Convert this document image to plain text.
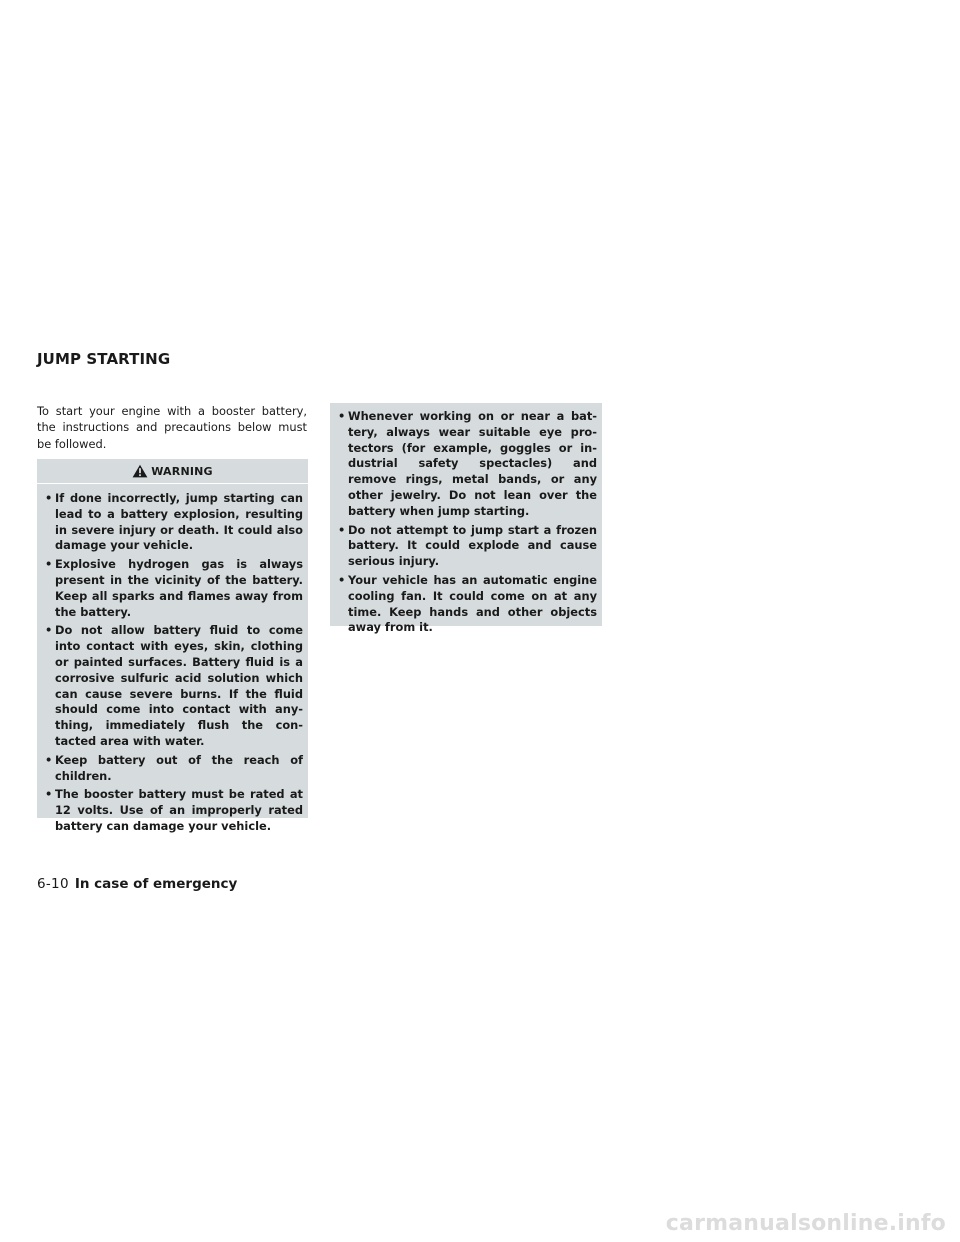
JUMP STARTING

To start your engine with a booster battery, the instructions and precautions below must be followed.

WARNING
• If done incorrectly, jump starting can lead to a battery explosion, resulting in severe injury or death. It could also damage your vehicle.
• Explosive hydrogen gas is always present in the vicinity of the battery. Keep all sparks and flames away from the battery.
• Do not allow battery fluid to come into contact with eyes, skin, clothing or painted surfaces. Battery fluid is a corrosive sulfuric acid solution which can cause severe burns. If the fluid should come into contact with any- thing, immediately flush the con- tacted area with water.
• Keep battery out of the reach of children.
• The booster battery must be rated at 12 volts. Use of an improperly rated battery can damage your vehicle.
• Whenever working on or near a bat- tery, always wear suitable eye pro- tectors (for example, goggles or in- dustrial safety spectacles) and remove rings, metal bands, or any other jewelry. Do not lean over the battery when jump starting.
• Do not attempt to jump start a frozen battery. It could explode and cause serious injury.
• Your vehicle has an automatic engine cooling fan. It could come on at any time. Keep hands and other objects away from it.
6-10 In case of emergency

carmanualsonline.info
